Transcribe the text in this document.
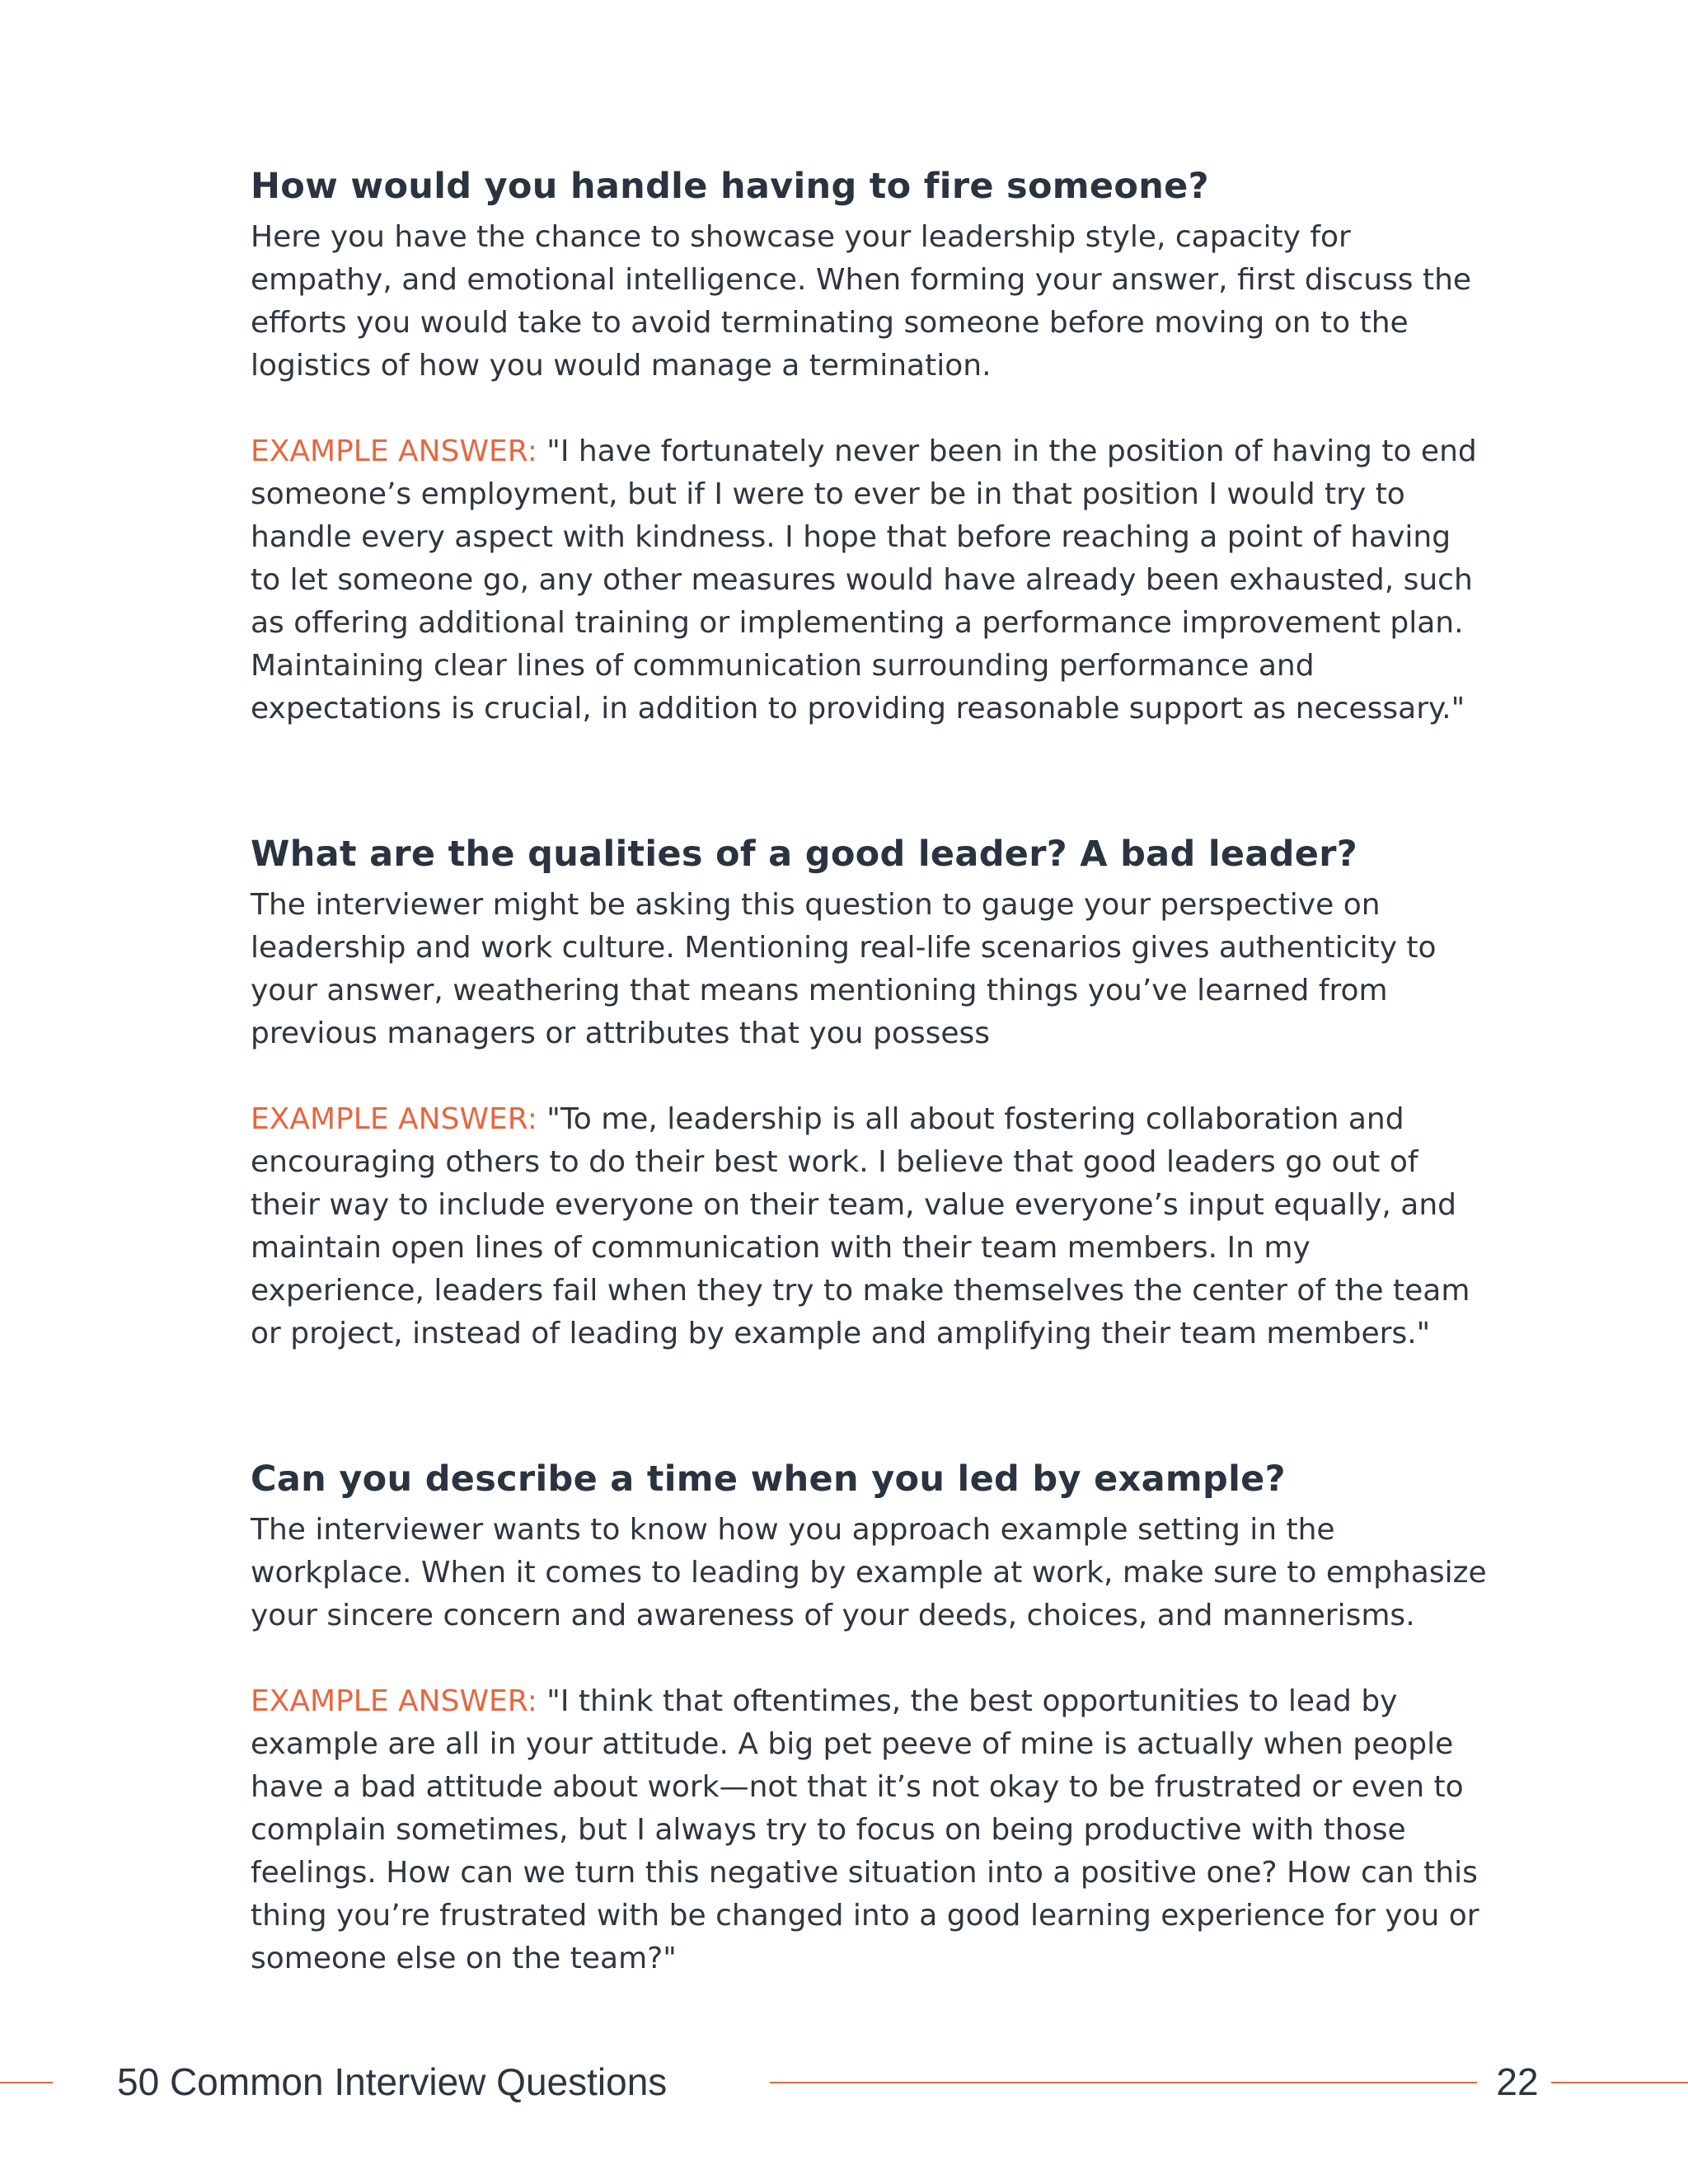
How would you handle having to fire someone?

Here you have the chance to showcase your leadership style, capacity for empathy, and emotional intelligence. When forming your answer, first discuss the efforts you would take to avoid terminating someone before moving on to the logistics of how you would manage a termination.

EXAMPLE ANSWER: "I have fortunately never been in the position of having to end someone’s employment, but if I were to ever be in that position I would try to handle every aspect with kindness. I hope that before reaching a point of having to let someone go, any other measures would have already been exhausted, such as offering additional training or implementing a performance improvement plan. Maintaining clear lines of communication surrounding performance and expectations is crucial, in addition to providing reasonable support as necessary."

What are the qualities of a good leader? A bad leader?

The interviewer might be asking this question to gauge your perspective on leadership and work culture. Mentioning real-life scenarios gives authenticity to your answer, weathering that means mentioning things you’ve learned from previous managers or attributes that you possess

EXAMPLE ANSWER: "To me, leadership is all about fostering collaboration and encouraging others to do their best work. I believe that good leaders go out of their way to include everyone on their team, value everyone’s input equally, and maintain open lines of communication with their team members. In my experience, leaders fail when they try to make themselves the center of the team or project, instead of leading by example and amplifying their team members."

Can you describe a time when you led by example?

The interviewer wants to know how you approach example setting in the workplace. When it comes to leading by example at work, make sure to emphasize your sincere concern and awareness of your deeds, choices, and mannerisms.

EXAMPLE ANSWER: "I think that oftentimes, the best opportunities to lead by example are all in your attitude. A big pet peeve of mine is actually when people have a bad attitude about work—not that it’s not okay to be frustrated or even to complain sometimes, but I always try to focus on being productive with those feelings. How can we turn this negative situation into a positive one? How can this thing you’re frustrated with be changed into a good learning experience for you or someone else on the team?"

50 Common Interview Questions	22
